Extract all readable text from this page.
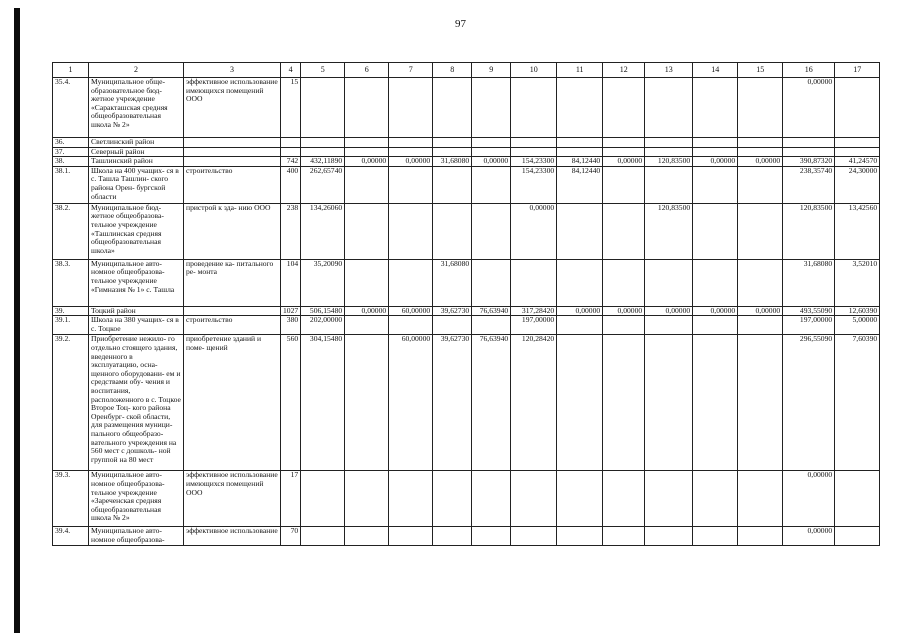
97
1	2	3	4	5	6	7	8	9	10	11	12	13	14	15	16	17
35.4.	Муниципальное обще- образовательное бюд- жетное учреждение «Саракташская средняя общеобразовательная школа № 2»	эффективное использование имеющихся помещений ООО	15												0,00000	
36.	Светлинский район															
37.	Северный район															
38.	Ташлинский район		742	432,11890	0,00000	0,00000	31,68080	0,00000	154,23300	84,12440	0,00000	120,83500	0,00000	0,00000	390,87320	41,24570
38.1.	Школа на 400 учащих- ся в с. Ташла Ташлин- ского района Орен- бургской области	строительство	400	262,65740					154,23300	84,12440					238,35740	24,30000
38.2.	Муниципальное бюд- жетное общеобразова- тельное учреждение «Ташлинская средняя общеобразовательная школа»	пристрой к зда- нию ООО	238	134,26060					0,00000			120,83500			120,83500	13,42560
38.3.	Муниципальное авто- номное общеобразова- тельное учреждение «Гимназия № 1» с. Ташла	проведение ка- питального ре- монта	104	35,20090			31,68080								31,68080	3,52010
39.	Тоцкий район		1027	506,15480	0,00000	60,00000	39,62730	76,63940	317,28420	0,00000	0,00000	0,00000	0,00000	0,00000	493,55090	12,60390
39.1.	Школа на 380 учащих- ся в с. Тоцкое	строительство	380	202,00000					197,00000						197,00000	5,00000
39.2.	Приобретение нежило- го отдельно стоящего здания, введенного в эксплуатацию, осна- щенного оборудовани- ем и средствами обу- чения и воспитания, расположенного в с. Тоцкое Второе Тоц- кого района Оренбург- ской области, для размещения муници- пального общеобразо- вательного учреждения на 560 мест с дошколь- ной группой на 80 мест	приобретение зданий и поме- щений	560	304,15480		60,00000	39,62730	76,63940	120,28420						296,55090	7,60390
39.3.	Муниципальное авто- номное общеобразова- тельное учреждение «Зареченская средняя общеобразовательная школа № 2»	эффективное использование имеющихся помещений ООО	17												0,00000	
39.4.	Муниципальное авто- номное общеобразова-	эффективное использование	70												0,00000	
